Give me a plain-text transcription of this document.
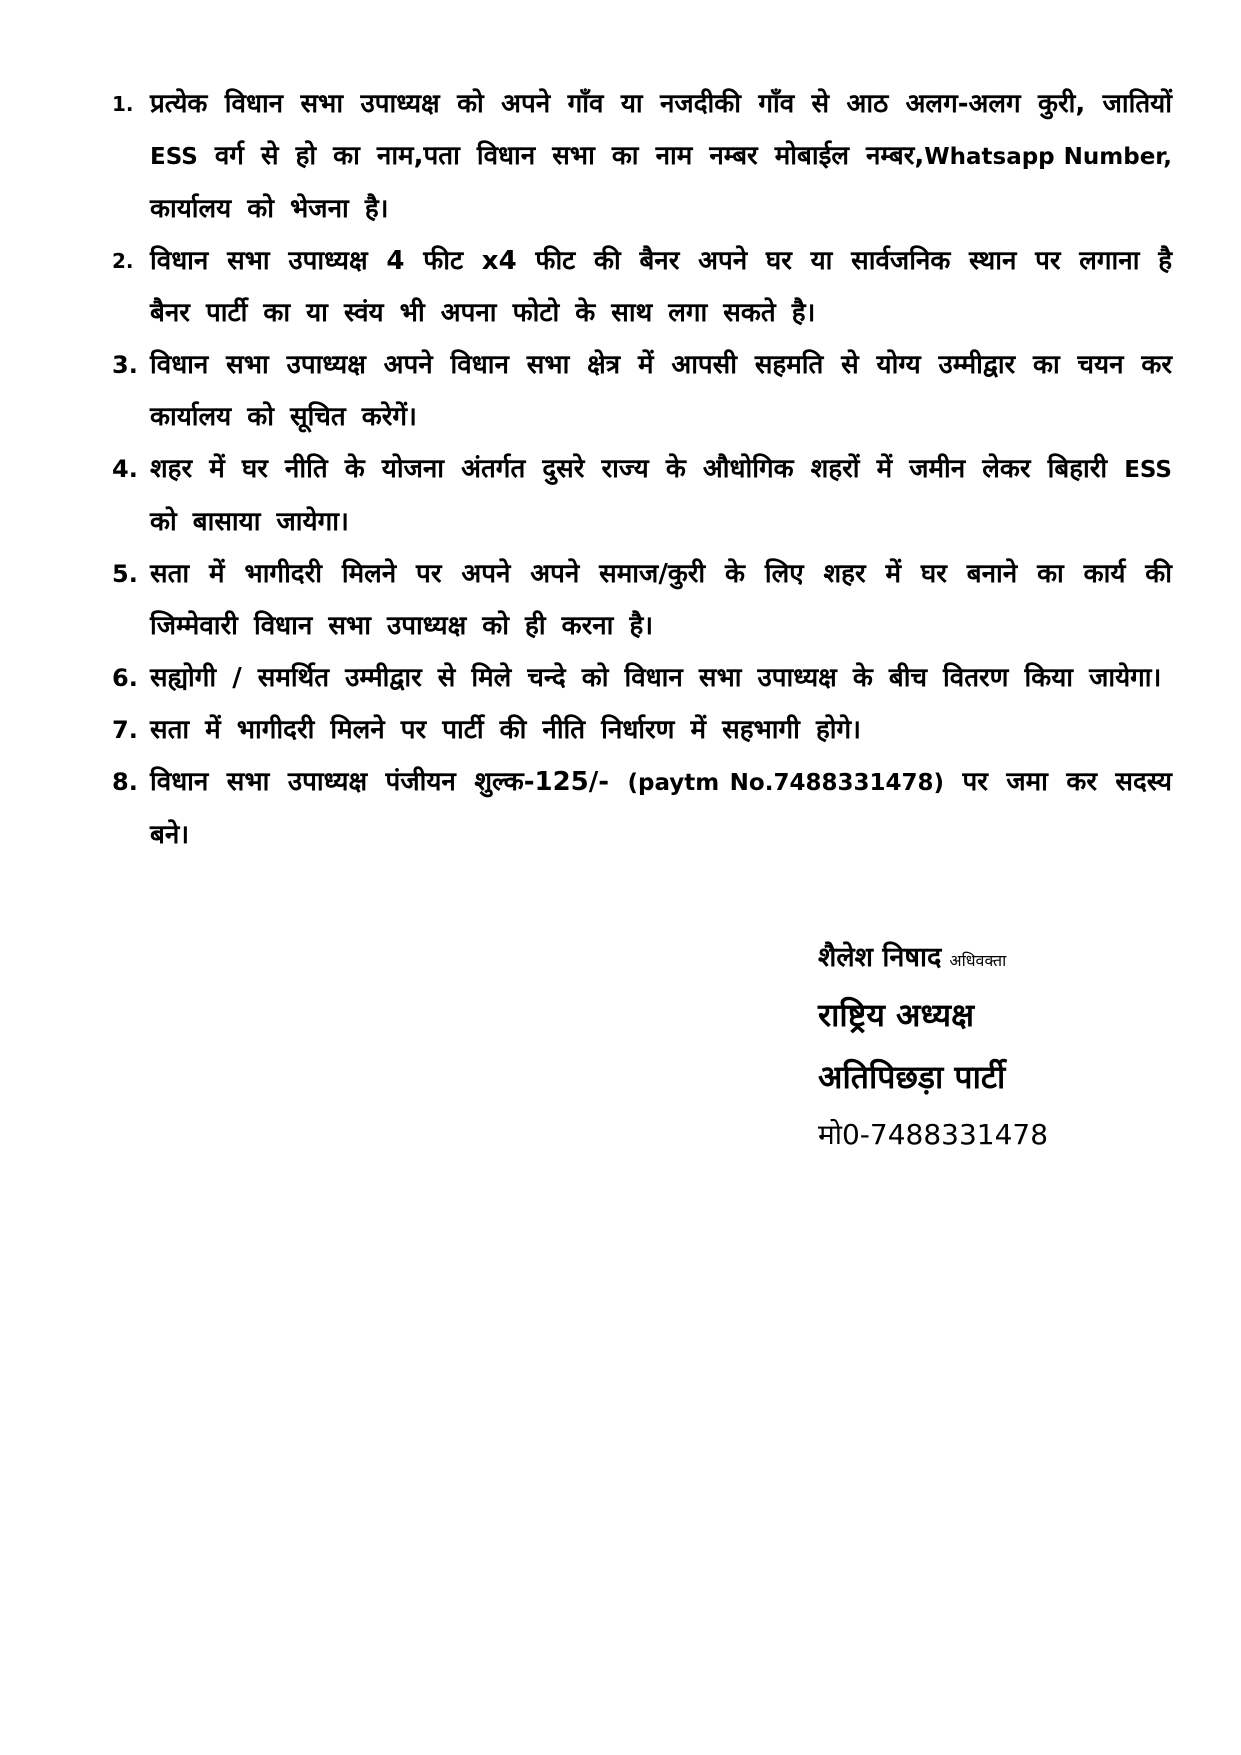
1. प्रत्येक विधान सभा उपाध्यक्ष को अपने गाँव या नजदीकी गाँव से आठ अलग-अलग कुरी, जातियों ESS वर्ग से हो का नाम,पता विधान सभा का नाम नम्बर मोबाईल नम्बर,Whatsapp Number, कार्यालय को भेजना है।
2. विधान सभा उपाध्यक्ष 4 फीट x4 फीट की बैनर अपने घर या सार्वजनिक स्थान पर लगाना है बैनर पार्टी का या स्वंय भी अपना फोटो के साथ लगा सकते है।
3. विधान सभा उपाध्यक्ष अपने विधान सभा क्षेत्र में आपसी सहमति से योग्य उम्मीद्वार का चयन कर कार्यालय को सूचित करेगें।
4. शहर में घर नीति के योजना अंतर्गत दुसरे राज्य के औधोगिक शहरों में जमीन लेकर बिहारी ESS को बासाया जायेगा।
5. सता में भागीदरी मिलने पर अपने अपने समाज/कुरी के लिए शहर में घर बनाने का कार्य की जिम्मेवारी विधान सभा उपाध्यक्ष को ही करना है।
6. सह्योगी / समर्थित उम्मीद्वार से मिले चन्दे को विधान सभा उपाध्यक्ष के बीच वितरण किया जायेगा।
7. सता में भागीदरी मिलने पर पार्टी की नीति निर्धारण में सहभागी होगे।
8. विधान सभा उपाध्यक्ष पंजीयन शुल्क-125/- (paytm No.7488331478) पर जमा कर सदस्य बने।
शैलेश निषाद अधिवक्ता
राष्ट्रिय अध्यक्ष
अतिपिछड़ा पार्टी
मो0-7488331478
